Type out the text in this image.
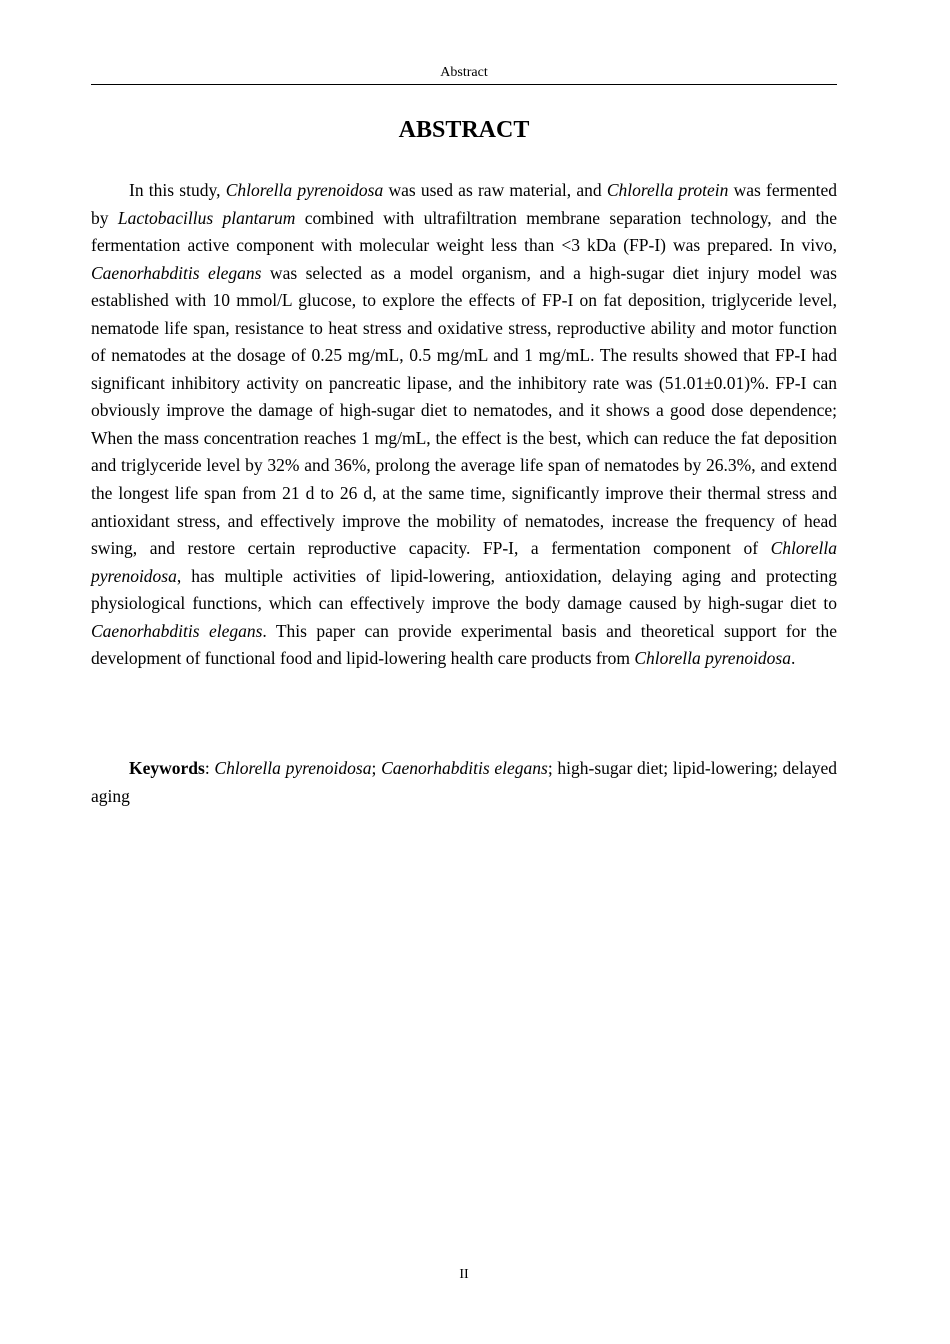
Abstract
ABSTRACT

In this study, Chlorella pyrenoidosa was used as raw material, and Chlorella protein was fermented by Lactobacillus plantarum combined with ultrafiltration membrane separation technology, and the fermentation active component with molecular weight less than <3 kDa (FP-I) was prepared. In vivo, Caenorhabditis elegans was selected as a model organism, and a high-sugar diet injury model was established with 10 mmol/L glucose, to explore the effects of FP-I on fat deposition, triglyceride level, nematode life span, resistance to heat stress and oxidative stress, reproductive ability and motor function of nematodes at the dosage of 0.25 mg/mL, 0.5 mg/mL and 1 mg/mL. The results showed that FP-I had significant inhibitory activity on pancreatic lipase, and the inhibitory rate was (51.01±0.01)%. FP-I can obviously improve the damage of high-sugar diet to nematodes, and it shows a good dose dependence; When the mass concentration reaches 1 mg/mL, the effect is the best, which can reduce the fat deposition and triglyceride level by 32% and 36%, prolong the average life span of nematodes by 26.3%, and extend the longest life span from 21 d to 26 d, at the same time, significantly improve their thermal stress and antioxidant stress, and effectively improve the mobility of nematodes, increase the frequency of head swing, and restore certain reproductive capacity. FP-I, a fermentation component of Chlorella pyrenoidosa, has multiple activities of lipid-lowering, antioxidation, delaying aging and protecting physiological functions, which can effectively improve the body damage caused by high-sugar diet to Caenorhabditis elegans. This paper can provide experimental basis and theoretical support for the development of functional food and lipid-lowering health care products from Chlorella pyrenoidosa.

Keywords: Chlorella pyrenoidosa; Caenorhabditis elegans; high-sugar diet; lipid-lowering; delayed aging

II
